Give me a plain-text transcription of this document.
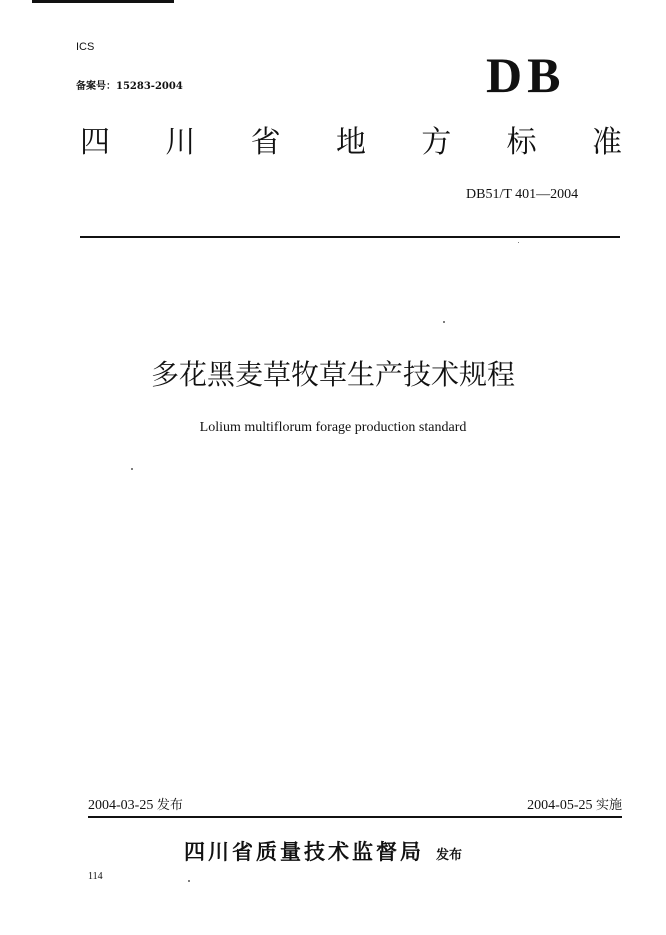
ICS
备案号：15283-2004	DB
四 川 省 地 方 标 准
DB51/T 401—2004
多花黑麦草牧草生产技术规程
Lolium multiflorum forage production standard
2004-03-25 发布	2004-05-25 实施
四川省质量技术监督局 发布
114
